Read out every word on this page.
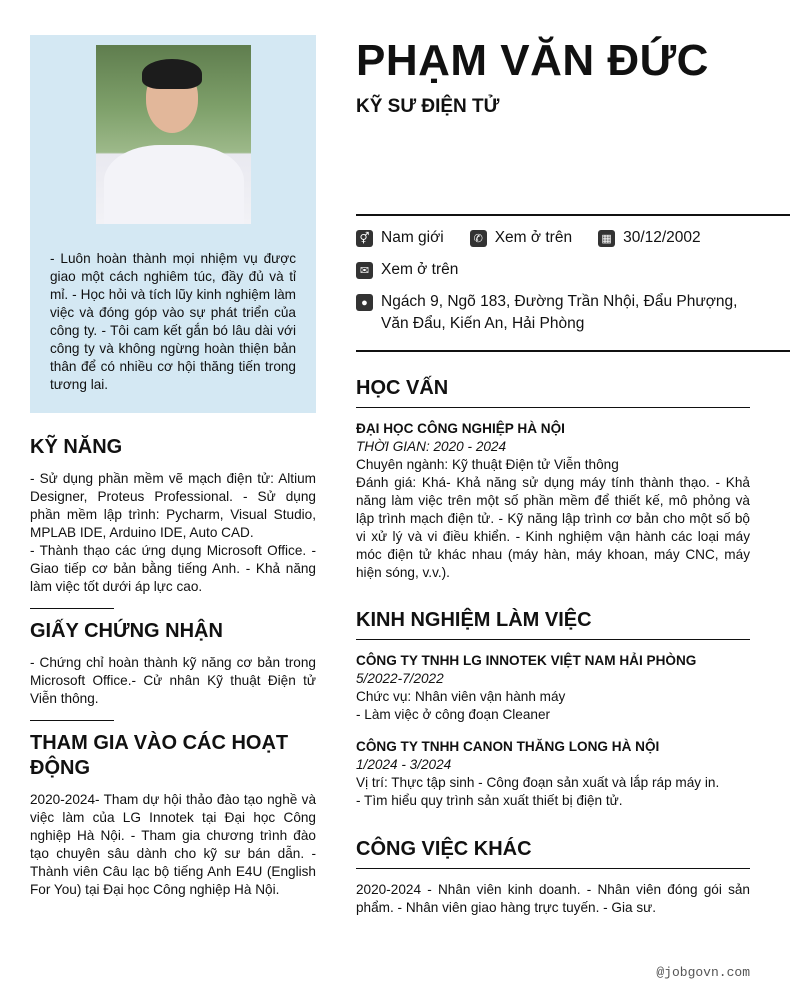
- Luôn hoàn thành mọi nhiệm vụ được giao một cách nghiêm túc, đầy đủ và tỉ mỉ. - Học hỏi và tích lũy kinh nghiệm làm việc và đóng góp vào sự phát triển của công ty. - Tôi cam kết gắn bó lâu dài với công ty và không ngừng hoàn thiện bản thân để có nhiều cơ hội thăng tiến trong tương lai.

KỸ NĂNG

- Sử dụng phần mềm vẽ mạch điện tử: Altium Designer, Proteus Professional. - Sử dụng phần mềm lập trình: Pycharm, Visual Studio, MPLAB IDE, Arduino IDE, Auto CAD.

- Thành thạo các ứng dụng Microsoft Office. - Giao tiếp cơ bản bằng tiếng Anh. - Khả năng làm việc tốt dưới áp lực cao.

GIẤY CHỨNG NHẬN

- Chứng chỉ hoàn thành kỹ năng cơ bản trong Microsoft Office.- Cử nhân Kỹ thuật Điện tử Viễn thông.

THAM GIA VÀO CÁC HOẠT ĐỘNG

2020-2024- Tham dự hội thảo đào tạo nghề và việc làm của LG Innotek tại Đại học Công nghiệp Hà Nội. - Tham gia chương trình đào tạo chuyên sâu dành cho kỹ sư bán dẫn. - Thành viên Câu lạc bộ tiếng Anh E4U (English For You) tại Đại học Công nghiệp Hà Nội.

PHẠM VĂN ĐỨC
KỸ SƯ ĐIỆN TỬ
⚥ Nam giới	✆ Xem ở trên	▦ 30/12/2002
✉ Xem ở trên
● Ngách 9, Ngõ 183, Đường Trần Nhội, Đẩu Phượng, Văn Đẩu, Kiến An, Hải Phòng
HỌC VẤN
ĐẠI HỌC CÔNG NGHIỆP HÀ NỘI
THỜI GIAN: 2020 - 2024
Chuyên ngành: Kỹ thuật Điện tử Viễn thông

Đánh giá: Khá- Khả năng sử dụng máy tính thành thạo. - Khả năng làm việc trên một số phần mềm để thiết kế, mô phỏng và lập trình mạch điện tử. - Kỹ năng lập trình cơ bản cho một số bộ vi xử lý và vi điều khiển. - Kinh nghiệm vận hành các loại máy móc điện tử khác nhau (máy hàn, máy khoan, máy CNC, máy hiện sóng, v.v.).

KINH NGHIỆM LÀM VIỆC
CÔNG TY TNHH LG INNOTEK VIỆT NAM HẢI PHÒNG
5/2022-7/2022
Chức vụ: Nhân viên vận hành máy
- Làm việc ở công đoạn Cleaner
CÔNG TY TNHH CANON THĂNG LONG HÀ NỘI
1/2024 - 3/2024
Vị trí: Thực tập sinh - Công đoạn sản xuất và lắp ráp máy in.
- Tìm hiểu quy trình sản xuất thiết bị điện tử.
CÔNG VIỆC KHÁC

2020-2024 - Nhân viên kinh doanh. - Nhân viên đóng gói sản phẩm. - Nhân viên giao hàng trực tuyến. - Gia sư.

@jobgovn.com
